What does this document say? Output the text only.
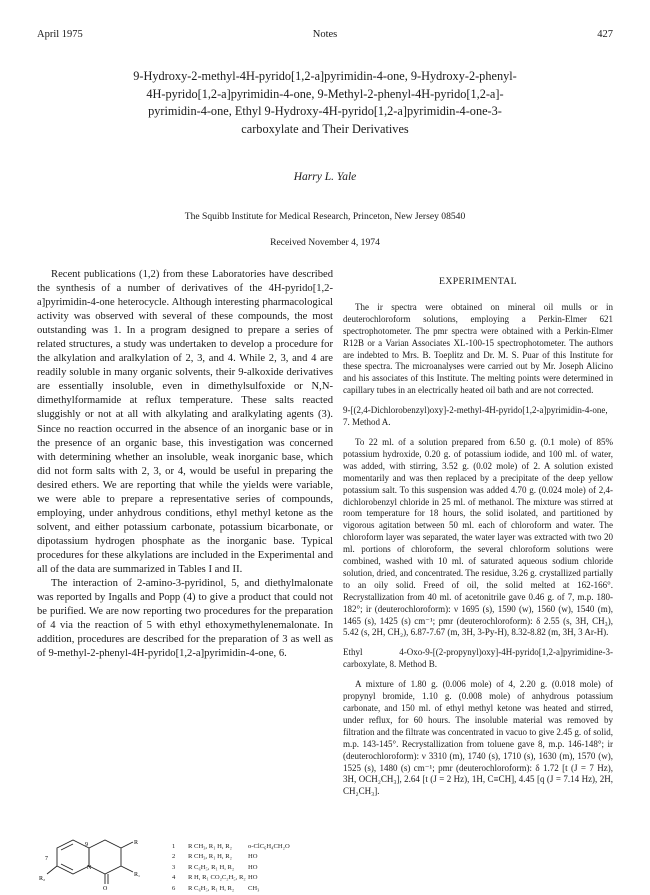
April 1975	Notes	427
9-Hydroxy-2-methyl-4H-pyrido[1,2-a]pyrimidin-4-one, 9-Hydroxy-2-phenyl-
4H-pyrido[1,2-a]pyrimidin-4-one, 9-Methyl-2-phenyl-4H-pyrido[1,2-a]-
pyrimidin-4-one, Ethyl 9-Hydroxy-4H-pyrido[1,2-a]pyrimidin-4-one-3-
carboxylate and Their Derivatives
Harry L. Yale
The Squibb Institute for Medical Research, Princeton, New Jersey 08540
Received November 4, 1974

Recent publications (1,2) from these Laboratories have described the synthesis of a number of derivatives of the 4H-pyrido[1,2-a]pyrimidin-4-one heterocycle. Although interesting pharmacological activity was observed with several of these compounds, the most outstanding was 1. In a program designed to prepare a series of related structures, a study was undertaken to develop a procedure for the alkylation and aralkylation of 2, 3, and 4. While 2, 3, and 4 are readily soluble in many organic solvents, their 9-alkoxide derivatives are essentially insoluble, even in dimethylsulfoxide or N,N-dimethylformamide at reflux temperature. These salts reacted sluggishly or not at all with alkylating and aralkylating agents (3). Since no reaction occurred in the absence of an inorganic base or in the presence of an organic base, this investigation was concerned with determining whether an insoluble, weak inorganic base, which did not form salts with 2, 3, or 4, would be useful in preparing the desired ethers. We are reporting that while the yields were variable, we were able to prepare a representative series of compounds, employing, under anhydrous conditions, ethyl methyl ketone as the solvent, and either potassium carbonate, potassium bicarbonate, or dipotassium hydrogen phosphate as the inorganic base. Typical procedures for these alkylations are included in the Experimental and all of the data are summarized in Tables I and II.

The interaction of 2-amino-3-pyridinol, 5, and diethylmalonate was reported by Ingalls and Popp (4) to give a product that could not be purified. We are now reporting two procedures for the preparation of 4 via the reaction of 5 with ethyl ethoxymethylenemalonate. In addition, procedures are described for the preparation of 3 as well as of 9-methyl-2-phenyl-4H-pyrido[1,2-a]pyrimidin-4-one, 6.

EXPERIMENTAL

The ir spectra were obtained on mineral oil mulls or in deuterochloroform solutions, employing a Perkin-Elmer 621 spectrophotometer. The pmr spectra were obtained with a Perkin-Elmer R12B or a Varian Associates XL-100-15 spectrophotometer. The authors are indebted to Mrs. B. Toeplitz and Dr. M. S. Puar of this Institute for these spectra. The microanalyses were carried out by Mr. Joseph Alicino and his associates of this Institute. The melting points were determined in capillary tubes in an electrically heated oil bath and are not corrected.

9-[(2,4-Dichlorobenzyl)oxy]-2-methyl-4H-pyrido[1,2-a]pyrimidin-4-one, 7. Method A.

To 22 ml. of a solution prepared from 6.50 g. (0.1 mole) of 85% potassium hydroxide, 0.20 g. of potassium iodide, and 100 ml. of water, was added, with stirring, 3.52 g. (0.02 mole) of 2. A solution existed momentarily and was then replaced by a precipitate of the deep yellow potassium salt. To this suspension was added 4.70 g. (0.024 mole) of 2,4-dichlorobenzyl chloride in 25 ml. of methanol. The mixture was stirred at room temperature for 18 hours, the solid isolated, and partitioned by vigorous agitation between 50 ml. each of chloroform and water. The chloroform layer was separated, the water layer was extracted with two 20 ml. portions of chloroform, the several chloroform solutions were combined, washed with 10 ml. of saturated aqueous sodium chloride solution, dried, and concentrated. The residue, 3.26 g. crystallized partially to an oily solid. Freed of oil, the solid melted at 162-166°. Recrystallization from 40 ml. of acetonitrile gave 0.46 g. of 7, m.p. 180-182°; ir (deuterochloroform): ν 1695 (s), 1590 (w), 1560 (w), 1540 (m), 1465 (s), 1425 (s) cm⁻¹; pmr (deuterochloroform): δ 2.55 (s, 3H, CH₃), 5.42 (s, 2H, CH₂), 6.87-7.67 (m, 3H, 3-Py-H), 8.32-8.82 (m, 3H, 3 Ar-H).

Ethyl 4-Oxo-9-[(2-propynyl)oxy]-4H-pyrido[1,2-a]pyrimidine-3-carboxylate, 8. Method B.

A mixture of 1.80 g. (0.006 mole) of 4, 2.20 g. (0.018 mole) of propynyl bromide, 1.10 g. (0.008 mole) of anhydrous potassium carbonate, and 150 ml. of ethyl methyl ketone was heated and stirred, under reflux, for 60 hours. The insoluble material was removed by filtration and the filtrate was concentrated in vacuo to give 2.45 g. of solid, m.p. 143-145°. Recrystallization from toluene gave 8, m.p. 146-148°; ir (deuterochloroform): ν 3310 (m), 1740 (s), 1710 (s), 1630 (m), 1570 (w), 1525 (s), 1480 (s) cm⁻¹; pmr (deuterochloroform): δ 1.72 [t (J = 7 Hz), 3H, OCH₂CH₃], 2.64 [t (J = 2 Hz), 1H, C≡CH], 4.45 [q (J = 7.14 Hz), 2H, CH₂CH₃].

R₂
7
9
N
R
R₁
O
1	R CH₃, R₁ H, R₂	o-ClC₆H₄CH₂O
2	R CH₃, R₁ H, R₂	HO
3	R C₆H₅, R₁ H, R₂	HO
4	R H, R₁ CO₂C₂H₅, R₂ HO
6	R C₆H₅, R₁ H, R₂	CH₃
